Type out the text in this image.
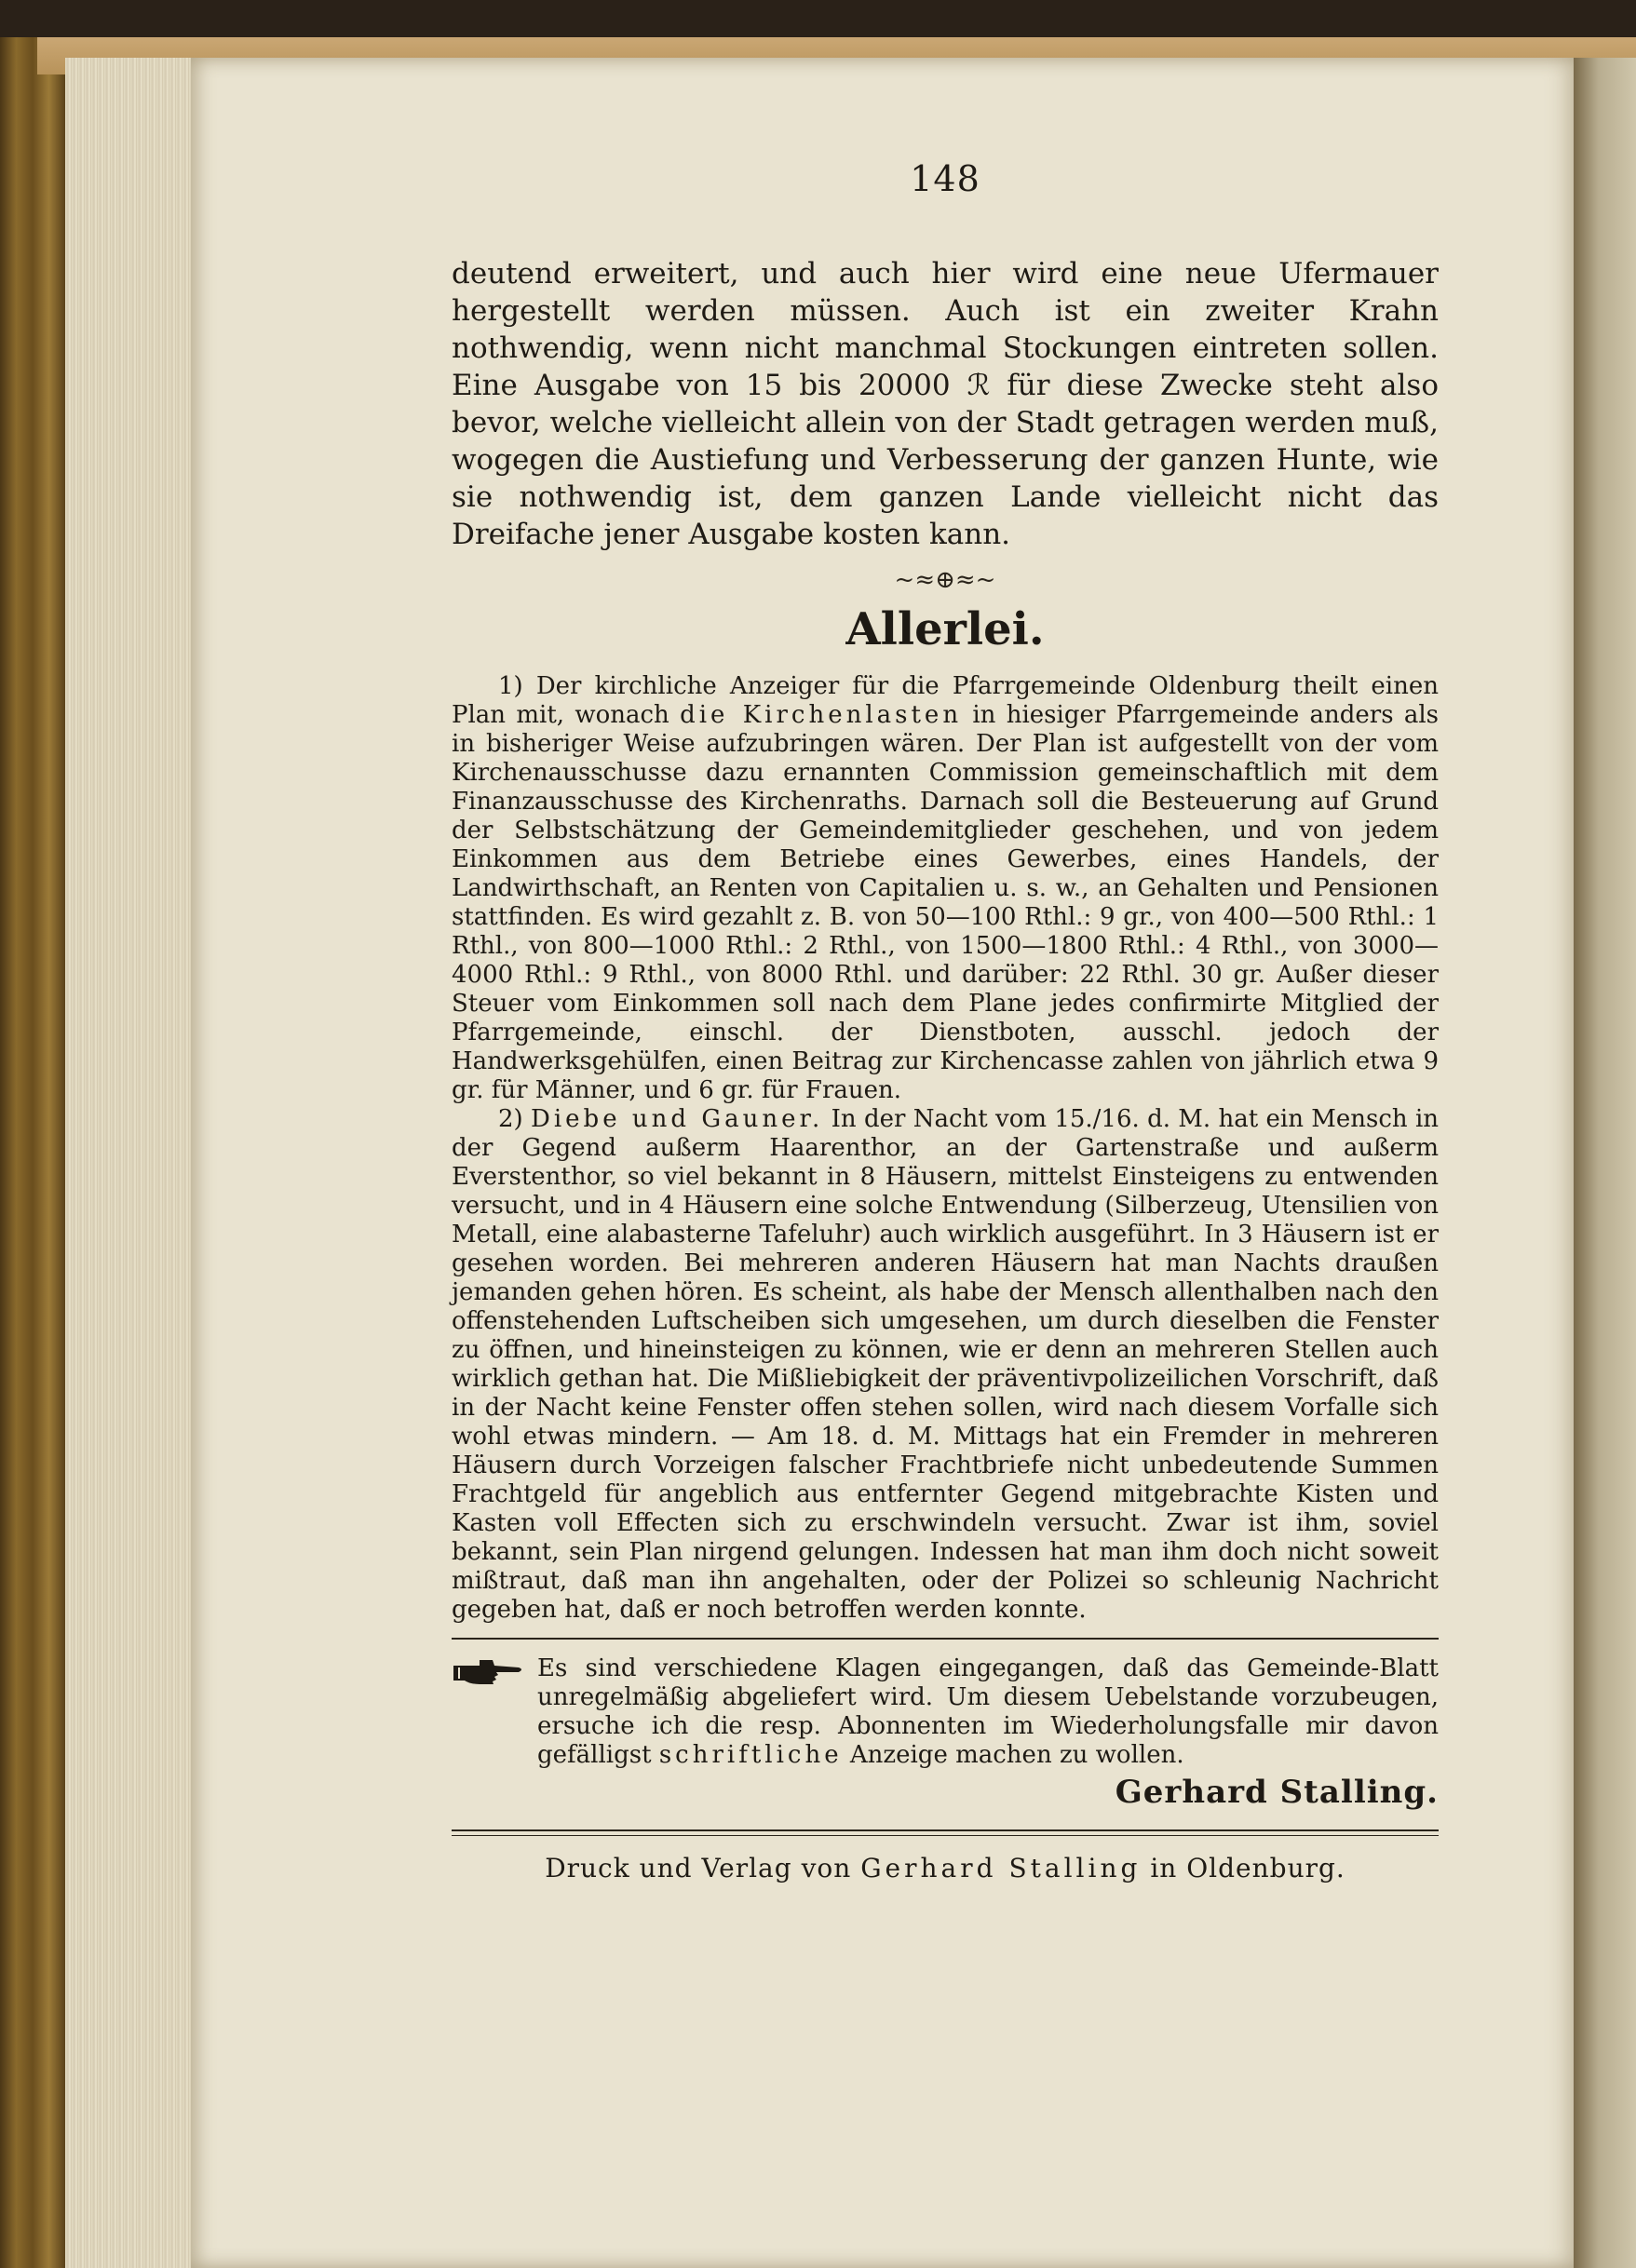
148

deutend erweitert, und auch hier wird eine neue Ufermauer hergestellt werden müssen. Auch ist ein zweiter Krahn nothwendig, wenn nicht manchmal Stockungen eintreten sollen. Eine Ausgabe von 15 bis 20000 ℛ für diese Zwecke steht also bevor, welche vielleicht allein von der Stadt getragen werden muß, wogegen die Austiefung und Verbesserung der ganzen Hunte, wie sie nothwendig ist, dem ganzen Lande vielleicht nicht das Dreifache jener Ausgabe kosten kann.

~≈⊕≈~
Allerlei.

1) Der kirchliche Anzeiger für die Pfarrgemeinde Oldenburg theilt einen Plan mit, wonach die Kirchenlasten in hiesiger Pfarrgemeinde anders als in bisheriger Weise aufzubringen wären. Der Plan ist aufgestellt von der vom Kirchenausschusse dazu ernannten Commission gemeinschaftlich mit dem Finanzausschusse des Kirchenraths. Darnach soll die Besteuerung auf Grund der Selbstschätzung der Gemeindemitglieder geschehen, und von jedem Einkommen aus dem Betriebe eines Gewerbes, eines Handels, der Landwirthschaft, an Renten von Capitalien u. s. w., an Gehalten und Pensionen stattfinden. Es wird gezahlt z. B. von 50—100 Rthl.: 9 gr., von 400—500 Rthl.: 1 Rthl., von 800—1000 Rthl.: 2 Rthl., von 1500—1800 Rthl.: 4 Rthl., von 3000—4000 Rthl.: 9 Rthl., von 8000 Rthl. und darüber: 22 Rthl. 30 gr. Außer dieser Steuer vom Einkommen soll nach dem Plane jedes confirmirte Mitglied der Pfarrgemeinde, einschl. der Dienstboten, ausschl. jedoch der Handwerksgehülfen, einen Beitrag zur Kirchencasse zahlen von jährlich etwa 9 gr. für Männer, und 6 gr. für Frauen.

2) Diebe und Gauner. In der Nacht vom 15./16. d. M. hat ein Mensch in der Gegend außerm Haarenthor, an der Gartenstraße und außerm Everstenthor, so viel bekannt in 8 Häusern, mittelst Einsteigens zu entwenden versucht, und in 4 Häusern eine solche Entwendung (Silberzeug, Utensilien von Metall, eine alabasterne Tafeluhr) auch wirklich ausgeführt. In 3 Häusern ist er gesehen worden. Bei mehreren anderen Häusern hat man Nachts draußen jemanden gehen hören. Es scheint, als habe der Mensch allenthalben nach den offenstehenden Luftscheiben sich umgesehen, um durch dieselben die Fenster zu öffnen, und hineinsteigen zu können, wie er denn an mehreren Stellen auch wirklich gethan hat. Die Mißliebigkeit der präventivpolizeilichen Vorschrift, daß in der Nacht keine Fenster offen stehen sollen, wird nach diesem Vorfalle sich wohl etwas mindern. — Am 18. d. M. Mittags hat ein Fremder in mehreren Häusern durch Vorzeigen falscher Frachtbriefe nicht unbedeutende Summen Frachtgeld für angeblich aus entfernter Gegend mitgebrachte Kisten und Kasten voll Effecten sich zu erschwindeln versucht. Zwar ist ihm, soviel bekannt, sein Plan nirgend gelungen. Indessen hat man ihm doch nicht soweit mißtraut, daß man ihn angehalten, oder der Polizei so schleunig Nachricht gegeben hat, daß er noch betroffen werden konnte.

Es sind verschiedene Klagen eingegangen, daß das Gemeinde-Blatt unregelmäßig abgeliefert wird. Um diesem Uebelstande vorzubeugen, ersuche ich die resp. Abonnenten im Wiederholungsfalle mir davon gefälligst schriftliche Anzeige machen zu wollen.

Gerhard Stalling.
Druck und Verlag von Gerhard Stalling in Oldenburg.
